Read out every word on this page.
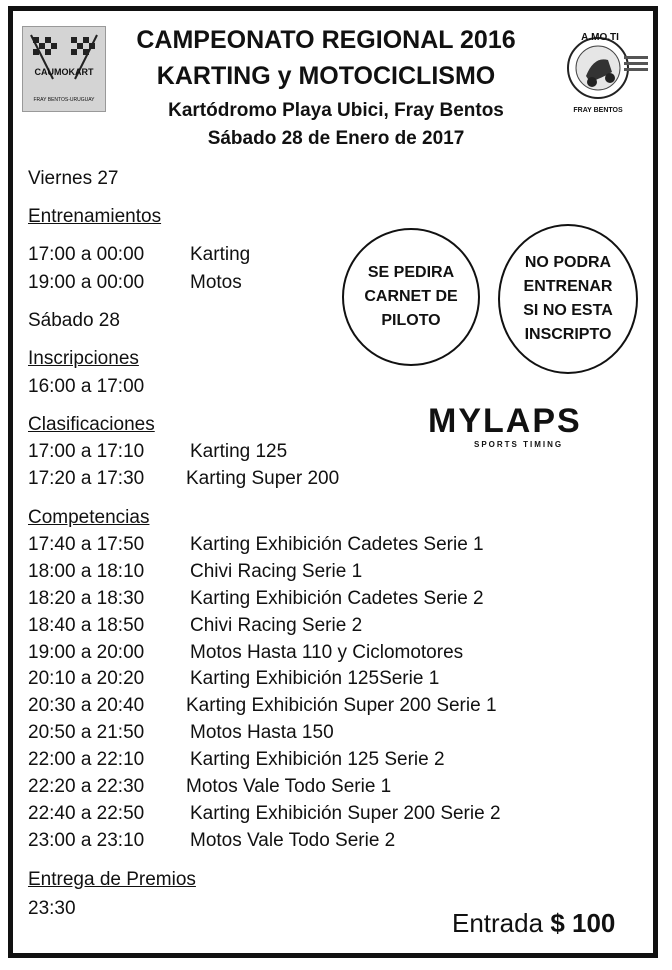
CAUMOKART
FRAY BENTOS-URUGUAY
A.MO.TI
FRAY BENTOS
CAMPEONATO REGIONAL 2016
KARTING y MOTOCICLISMO
Kartódromo Playa Ubici, Fray Bentos
Sábado 28 de Enero de 2017
Viernes 27
Entrenamientos
17:00 a 00:00 Karting
19:00 a 00:00 Motos
Sábado 28
Inscripciones
16:00 a 17:00
Clasificaciones
17:00 a 17:10 Karting 125
17:20 a 17:30 Karting Super 200
Competencias
17:40 a 17:50 Karting Exhibición Cadetes Serie 1
18:00 a 18:10 Chivi Racing Serie 1
18:20 a 18:30 Karting Exhibición Cadetes Serie 2
18:40 a 18:50 Chivi Racing Serie 2
19:00 a 20:00 Motos Hasta 110 y Ciclomotores
20:10 a 20:20 Karting Exhibición 125Serie 1
20:30 a 20:40 Karting Exhibición Super 200 Serie 1
20:50 a 21:50 Motos Hasta 150
22:00 a 22:10 Karting Exhibición 125 Serie 2
22:20 a 22:30 Motos Vale Todo Serie 1
22:40 a 22:50 Karting Exhibición Super 200 Serie 2
23:00 a 23:10 Motos Vale Todo Serie 2
Entrega de Premios
23:30
SE PEDIRA
CARNET DE
PILOTO
NO PODRA
ENTRENAR
SI NO ESTA
INSCRIPTO
MYLAPS
SPORTS TIMING
Entrada $ 100
